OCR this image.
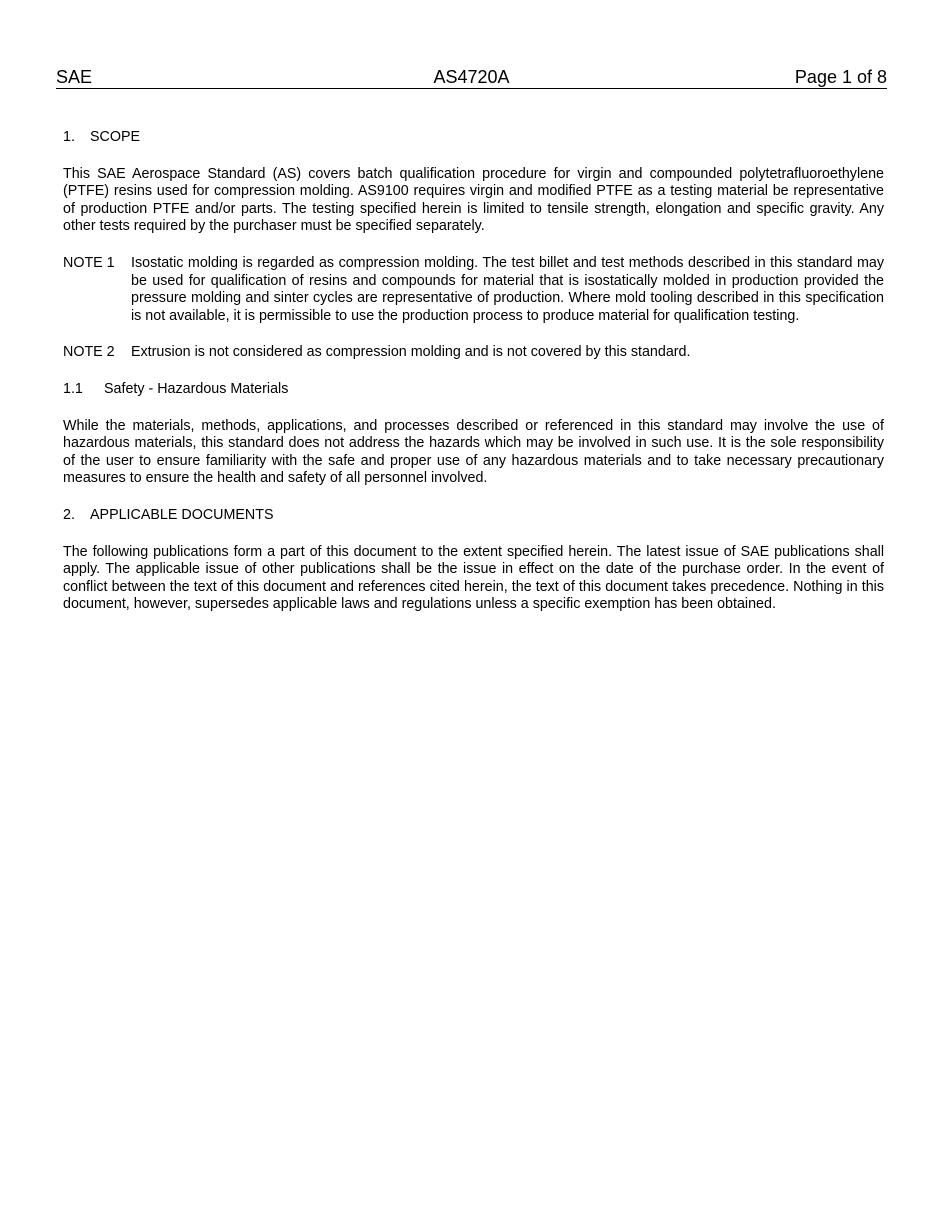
SAE	AS4720A	Page 1 of 8
1. SCOPE

This SAE Aerospace Standard (AS) covers batch qualification procedure for virgin and compounded polytetrafluoroethylene (PTFE) resins used for compression molding. AS9100 requires virgin and modified PTFE as a testing material be representative of production PTFE and/or parts. The testing specified herein is limited to tensile strength, elongation and specific gravity. Any other tests required by the purchaser must be specified separately.

NOTE 1	Isostatic molding is regarded as compression molding. The test billet and test methods described in this standard may be used for qualification of resins and compounds for material that is isostatically molded in production provided the pressure molding and sinter cycles are representative of production. Where mold tooling described in this specification is not available, it is permissible to use the production process to produce material for qualification testing.
NOTE 2	Extrusion is not considered as compression molding and is not covered by this standard.
1.1 Safety - Hazardous Materials

While the materials, methods, applications, and processes described or referenced in this standard may involve the use of hazardous materials, this standard does not address the hazards which may be involved in such use. It is the sole responsibility of the user to ensure familiarity with the safe and proper use of any hazardous materials and to take necessary precautionary measures to ensure the health and safety of all personnel involved.

2. APPLICABLE DOCUMENTS

The following publications form a part of this document to the extent specified herein. The latest issue of SAE publications shall apply. The applicable issue of other publications shall be the issue in effect on the date of the purchase order. In the event of conflict between the text of this document and references cited herein, the text of this document takes precedence. Nothing in this document, however, supersedes applicable laws and regulations unless a specific exemption has been obtained.
